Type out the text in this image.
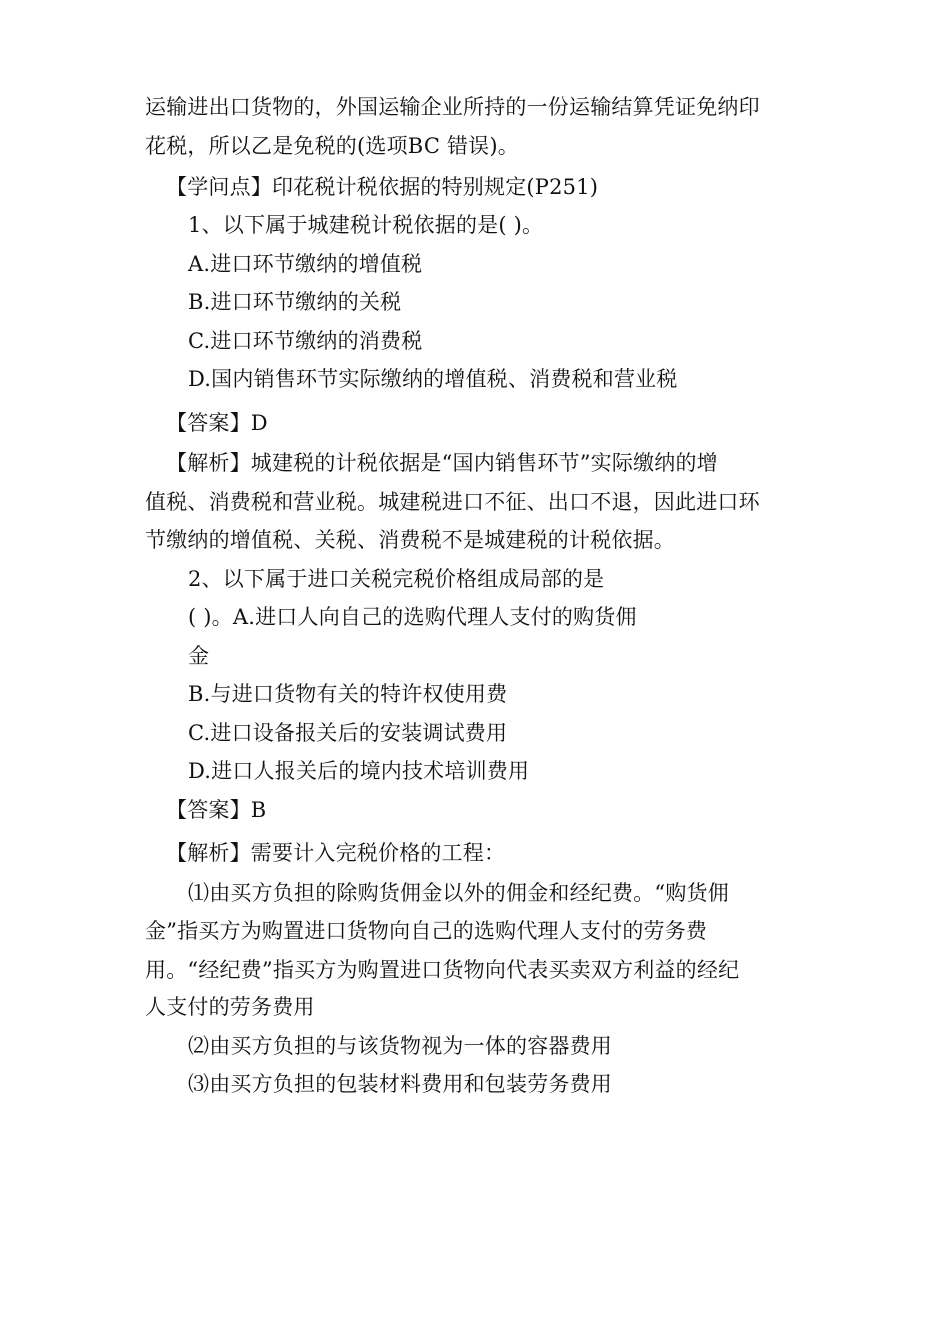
运输进出口货物的，外国运输企业所持的一份运输结算凭证免纳印
花税，所以乙是免税的(选项BC 错误)。
【学问点】印花税计税依据的特别规定(P251)
1、以下属于城建税计税依据的是( )。
A.进口环节缴纳的增值税
B.进口环节缴纳的关税
C.进口环节缴纳的消费税
D.国内销售环节实际缴纳的增值税、消费税和营业税
【答案】D
【解析】城建税的计税依据是“国内销售环节”实际缴纳的增
值税、消费税和营业税。城建税进口不征、出口不退，因此进口环
节缴纳的增值税、关税、消费税不是城建税的计税依据。
2、以下属于进口关税完税价格组成局部的是
( )。A.进口人向自己的选购代理人支付的购货佣
金
B.与进口货物有关的特许权使用费
C.进口设备报关后的安装调试费用
D.进口人报关后的境内技术培训费用
【答案】B
【解析】需要计入完税价格的工程：
⑴由买方负担的除购货佣金以外的佣金和经纪费。“购货佣
金”指买方为购置进口货物向自己的选购代理人支付的劳务费
用。“经纪费”指买方为购置进口货物向代表买卖双方利益的经纪
人支付的劳务费用
⑵由买方负担的与该货物视为一体的容器费用
⑶由买方负担的包装材料费用和包装劳务费用
